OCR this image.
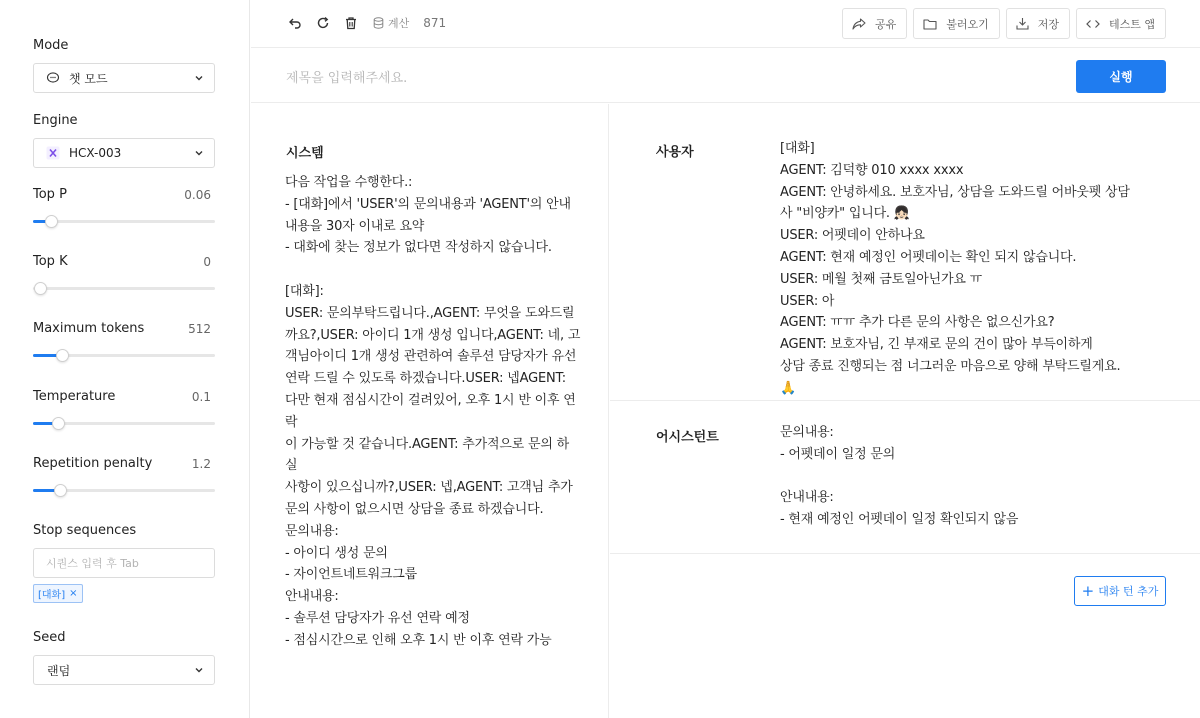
Mode
챗 모드
Engine
HCX-003
Top P	0.06
Top K	0
Maximum tokens	512
Temperature	0.1
Repetition penalty	1.2
Stop sequences
시퀀스 입력 후 Tab
[대화] ×
Seed
랜덤
계산 871	공유	불러오기	저장	테스트 앱
제목을 입력해주세요.	실행
시스템
다음 작업을 수행한다.:
- [대화]에서 'USER'의 문의내용과 'AGENT'의 안내
내용을 30자 이내로 요약
- 대화에 찾는 정보가 없다면 작성하지 않습니다.

[대화]:
USER: 문의부탁드립니다.,AGENT: 무엇을 도와드릴
까요?,USER: 아이디 1개 생성 입니다,AGENT: 네, 고
객님아이디 1개 생성 관련하여 솔루션 담당자가 유선
연락 드릴 수 있도록 하겠습니다.USER: 넵AGENT:
다만 현재 점심시간이 걸려있어, 오후 1시 반 이후 연락
이 가능할 것 같습니다.AGENT: 추가적으로 문의 하실
사항이 있으십니까?,USER: 넵,AGENT: 고객님 추가
문의 사항이 없으시면 상담을 종료 하겠습니다.
문의내용:
- 아이디 생성 문의
- 자이언트네트워크그룹
안내내용:
- 솔루션 담당자가 유선 연락 예정
- 점심시간으로 인해 오후 1시 반 이후 연락 가능
사용자	[대화]
AGENT: 김덕향 010 xxxx xxxx
AGENT: 안녕하세요. 보호자님, 상담을 도와드릴 어바웃펫 상담
사 "비양카" 입니다. 👧🏻
USER: 어펫데이 안하나요
AGENT: 현재 예정인 어펫데이는 확인 되지 않습니다.
USER: 메월 첫째 금토일아닌가요 ㅠ
USER: 아
AGENT: ㅠㅠ 추가 다른 문의 사항은 없으신가요?
AGENT: 보호자님, 긴 부재로 문의 건이 많아 부득이하게
상담 종료 진행되는 점 너그러운 마음으로 양해 부탁드릴게요. 🙏
어시스턴트	문의내용:
- 어펫데이 일정 문의

안내내용:
- 현재 예정인 어펫데이 일정 확인되지 않음
+ 대화 턴 추가
